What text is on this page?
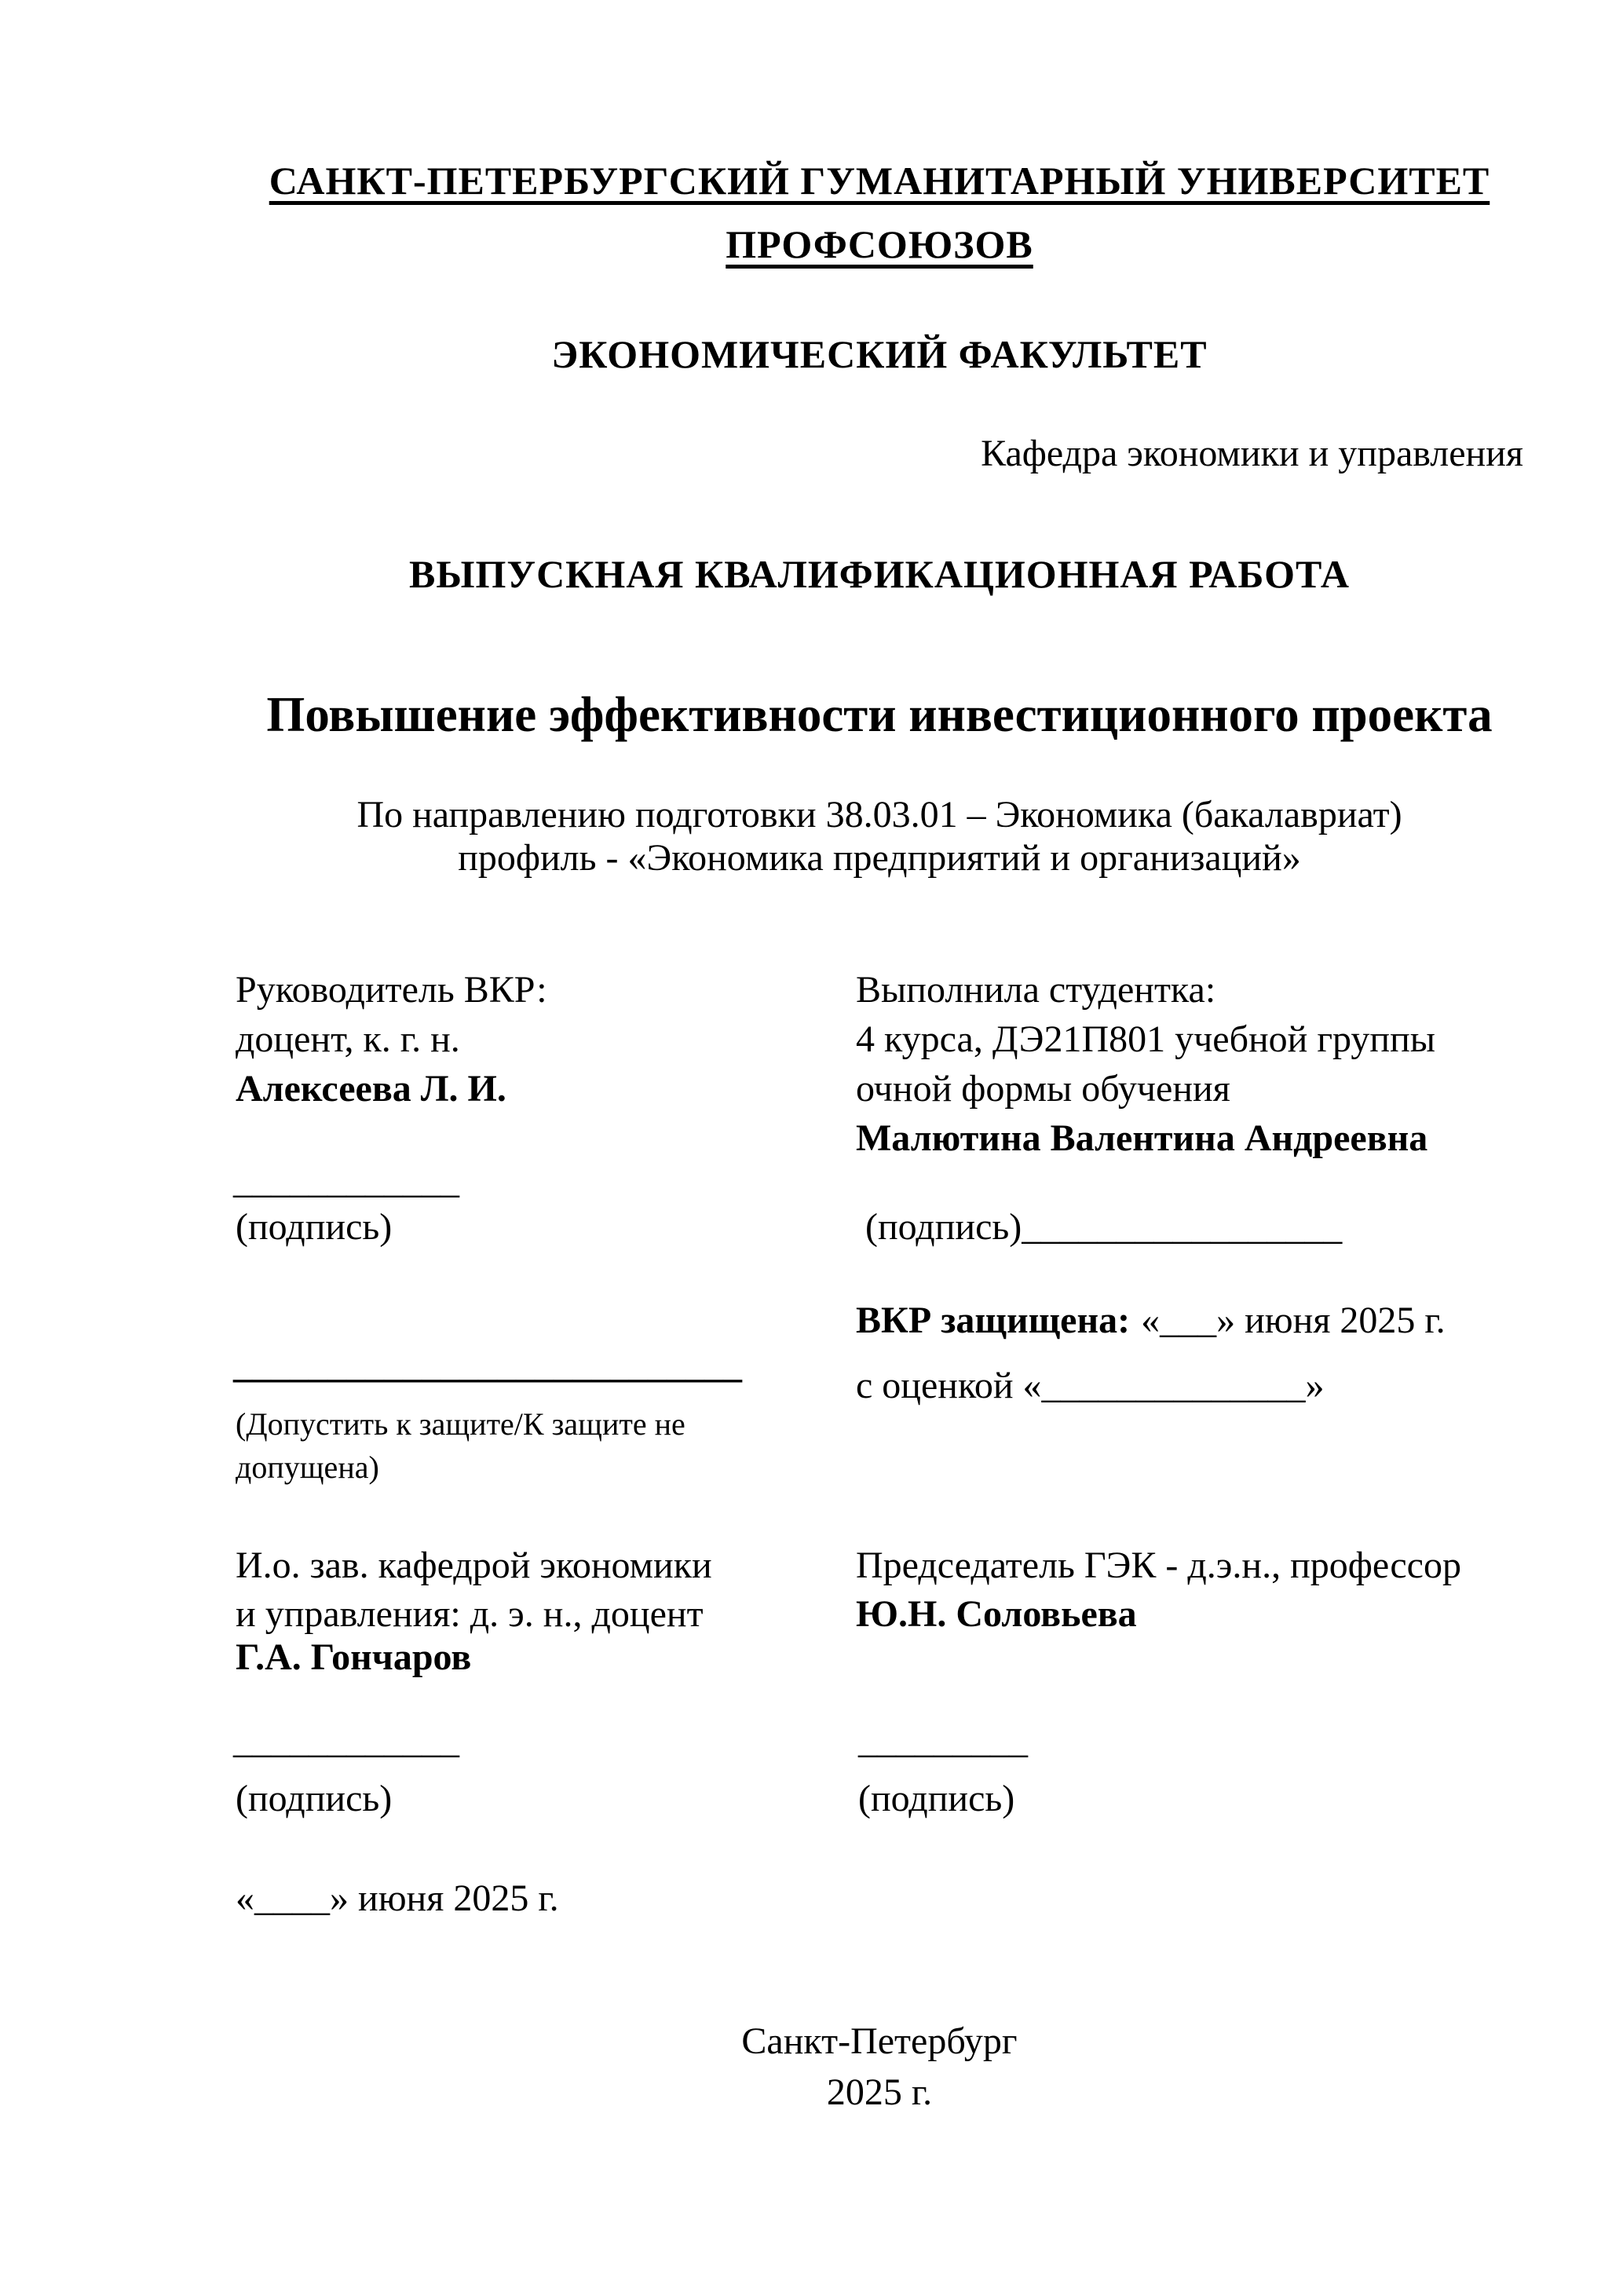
САНКТ-ПЕТЕРБУРГСКИЙ ГУМАНИТАРНЫЙ УНИВЕРСИТЕТ
ПРОФСОЮЗОВ
ЭКОНОМИЧЕСКИЙ ФАКУЛЬТЕТ
Кафедра экономики и управления
ВЫПУСКНАЯ КВАЛИФИКАЦИОННАЯ РАБОТА
Повышение эффективности инвестиционного проекта
По направлению подготовки 38.03.01 – Экономика (бакалавриат)
профиль - «Экономика предприятий и организаций»
Руководитель ВКР:
доцент, к. г. н.
Алексеева Л. И.
____________
(подпись)
Выполнила студентка:
4 курса, ДЭ21П801 учебной группы
очной формы обучения
Малютина Валентина Андреевна
(подпись)_________________
ВКР защищена: «___» июня 2025 г.
с оценкой «______________»
___________________________
(Допустить к защите/К защите не
допущена)
И.о. зав. кафедрой экономики
и управления: д. э. н., доцент
Г.А. Гончаров
____________
(подпись)
«____» июня 2025 г.
Председатель ГЭК - д.э.н., профессор
Ю.Н. Соловьева
_________
(подпись)
Санкт-Петербург
2025 г.
